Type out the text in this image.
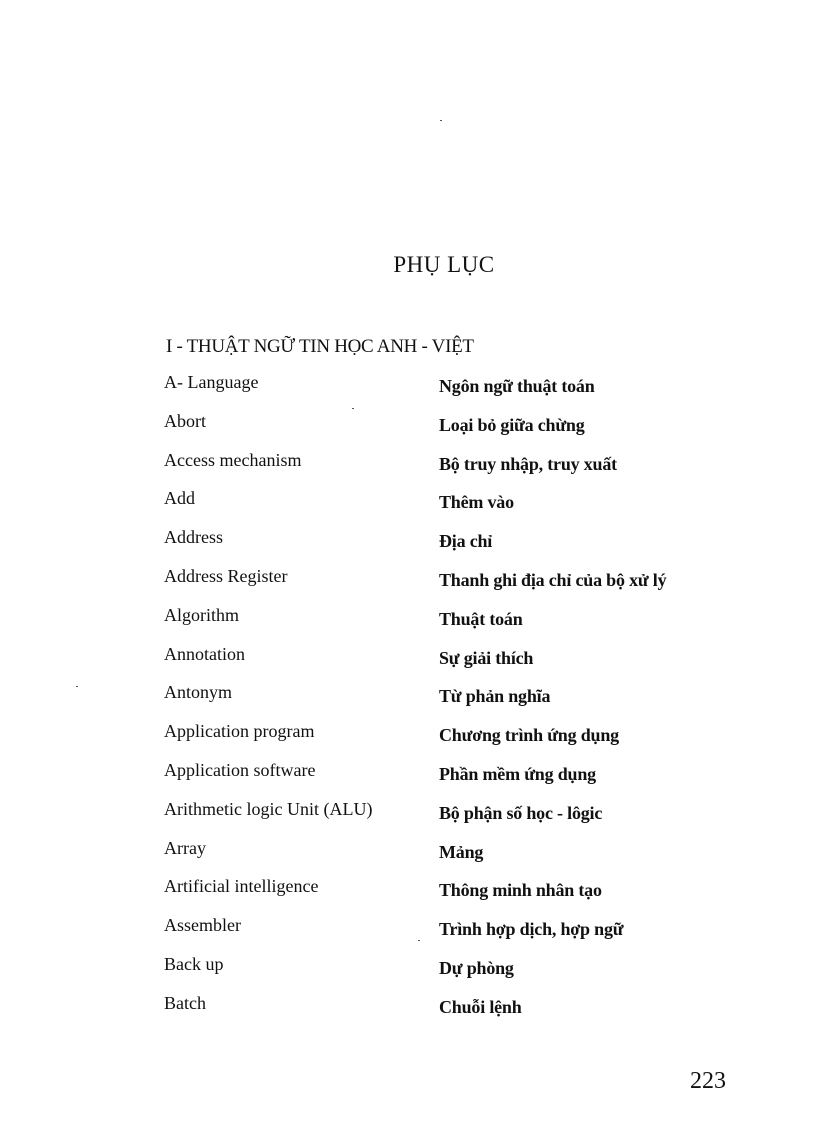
PHỤ LỤC
I - THUẬT NGỮ TIN HỌC ANH - VIỆT
A- Language	Ngôn ngữ thuật toán
Abort	Loại bỏ giữa chừng
Access mechanism	Bộ truy nhập, truy xuất
Add	Thêm vào
Address	Địa chỉ
Address Register	Thanh ghi địa chỉ của bộ xử lý
Algorithm	Thuật toán
Annotation	Sự giải thích
Antonym	Từ phản nghĩa
Application program	Chương trình ứng dụng
Application software	Phần mềm ứng dụng
Arithmetic logic Unit (ALU)	Bộ phận số học - lôgic
Array	Mảng
Artificial intelligence	Thông minh nhân tạo
Assembler	Trình hợp dịch, hợp ngữ
Back up	Dự phòng
Batch	Chuỗi lệnh
223
